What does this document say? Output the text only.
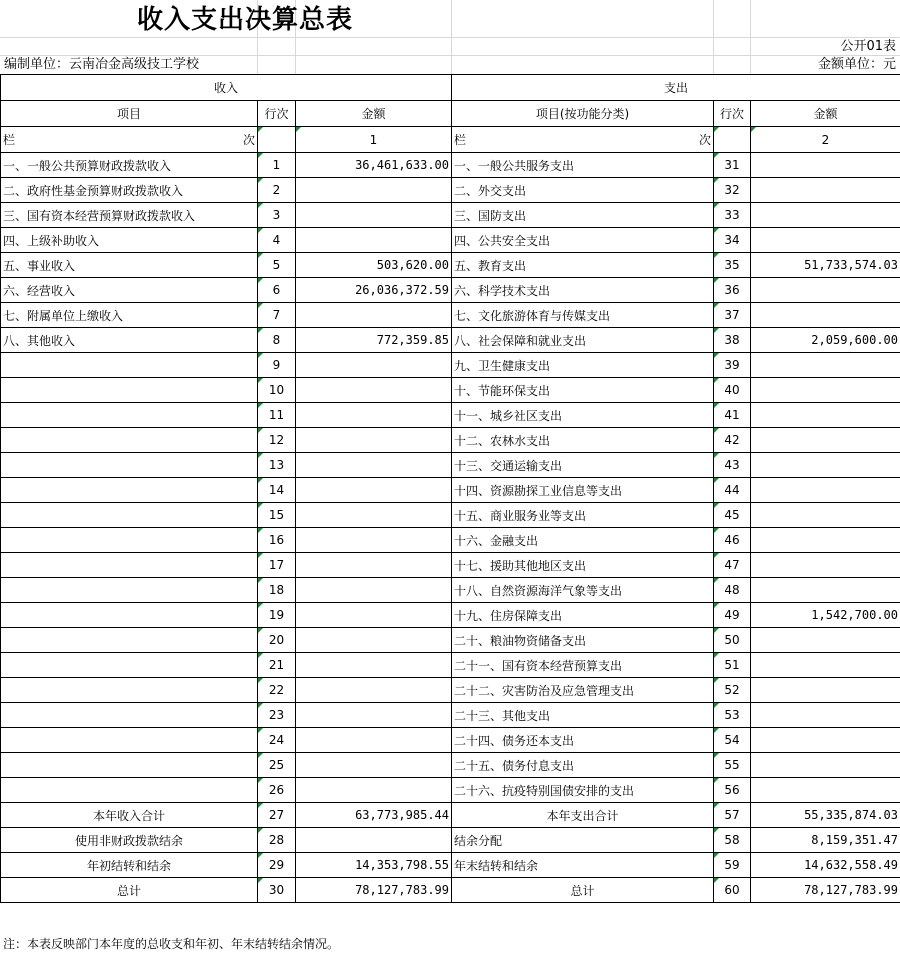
收入支出决算总表
公开01表
编制单位：云南冶金高级技工学校	金额单位：元
收入			支出		
项目	行次	金额	项目(按功能分类)	行次	金额

栏 次		1	栏 次		2
一、一般公共预算财政拨款收入	1	36,461,633.00	一、一般公共服务支出	31	
二、政府性基金预算财政拨款收入	2		二、外交支出	32	
三、国有资本经营预算财政拨款收入	3		三、国防支出	33	
四、上级补助收入	4		四、公共安全支出	34	
五、事业收入	5	503,620.00	五、教育支出	35	51,733,574.03
六、经营收入	6	26,036,372.59	六、科学技术支出	36	
七、附属单位上缴收入	7		七、文化旅游体育与传媒支出	37	
八、其他收入	8	772,359.85	八、社会保障和就业支出	38	2,059,600.00
	9		九、卫生健康支出	39	
	10		十、节能环保支出	40	
	11		十一、城乡社区支出	41	
	12		十二、农林水支出	42	
	13		十三、交通运输支出	43	
	14		十四、资源勘探工业信息等支出	44	
	15		十五、商业服务业等支出	45	
	16		十六、金融支出	46	
	17		十七、援助其他地区支出	47	
	18		十八、自然资源海洋气象等支出	48	
	19		十九、住房保障支出	49	1,542,700.00
	20		二十、粮油物资储备支出	50	
	21		二十一、国有资本经营预算支出	51	
	22		二十二、灾害防治及应急管理支出	52	
	23		二十三、其他支出	53	
	24		二十四、债务还本支出	54	
	25		二十五、债务付息支出	55	
	26		二十六、抗疫特别国债安排的支出	56	
本年收入合计	27	63,773,985.44	本年支出合计	57	55,335,874.03
使用非财政拨款结余	28		结余分配	58	8,159,351.47
年初结转和结余	29	14,353,798.55	年末结转和结余	59	14,632,558.49
总计	30	78,127,783.99	总计	60	78,127,783.99
注：本表反映部门本年度的总收支和年初、年末结转结余情况。
